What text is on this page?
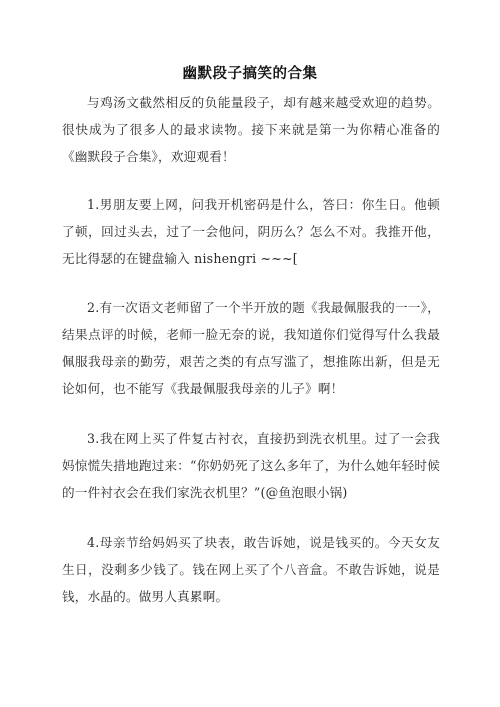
幽默段子搞笑的合集

与鸡汤文截然相反的负能量段子，却有越来越受欢迎的趋势。很快成为了很多人的最求读物。接下来就是第一为你精心准备的《幽默段子合集》，欢迎观看！

1.男朋友要上网，问我开机密码是什么，答曰：你生日。他顿了顿，回过头去，过了一会他问，阴历么？怎么不对。我推开他，无比得瑟的在键盘输入 nishengri ~~~[

2.有一次语文老师留了一个半开放的题《我最佩服我的一一》，结果点评的时候，老师一脸无奈的说，我知道你们觉得写什么我最佩服我母亲的勤劳，艰苦之类的有点写滥了，想推陈出新，但是无论如何，也不能写《我最佩服我母亲的儿子》啊！

3.我在网上买了件复古衬衣，直接扔到洗衣机里。过了一会我妈惊慌失措地跑过来：“你奶奶死了这么多年了，为什么她年轻时候的一件衬衣会在我们家洗衣机里？”(@鱼泡眼小锅)

4.母亲节给妈妈买了块表，敢告诉她，说是钱买的。今天女友生日，没剩多少钱了。钱在网上买了个八音盒。不敢告诉她，说是钱，水晶的。做男人真累啊。
